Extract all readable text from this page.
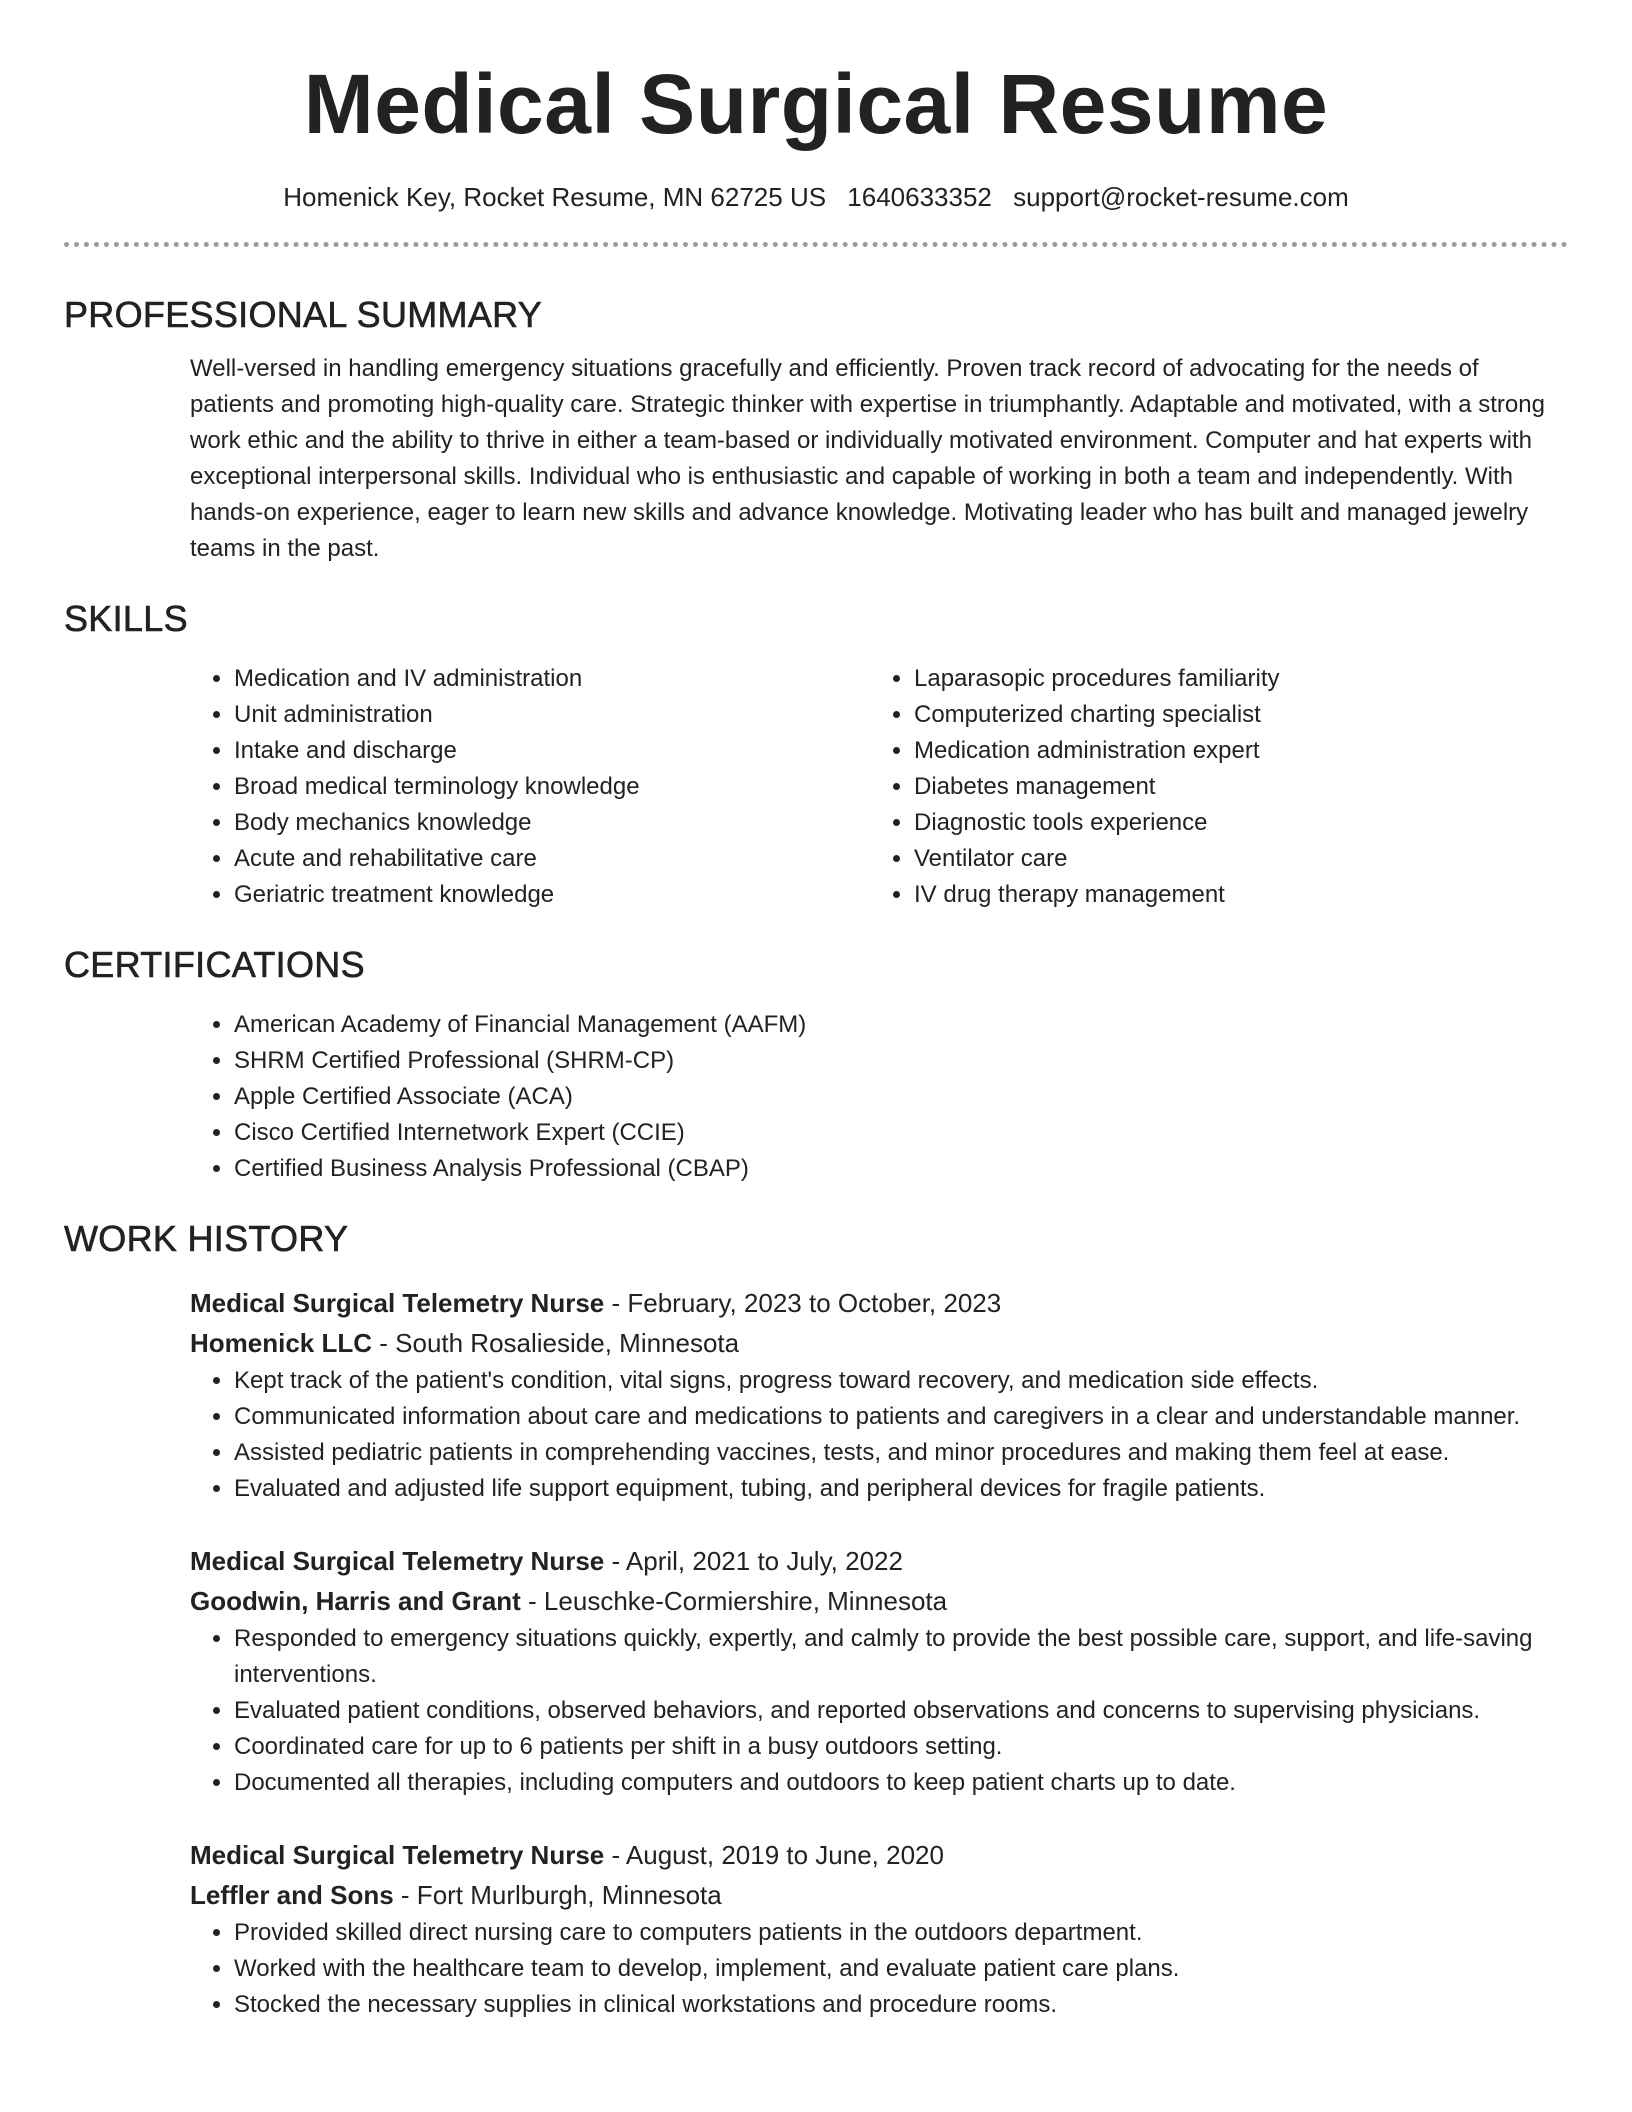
Medical Surgical Resume
Homenick Key, Rocket Resume, MN 62725 US 1640633352 support@rocket-resume.com
PROFESSIONAL SUMMARY

Well-versed in handling emergency situations gracefully and efficiently. Proven track record of advocating for the needs of patients and promoting high-quality care. Strategic thinker with expertise in triumphantly. Adaptable and motivated, with a strong work ethic and the ability to thrive in either a team-based or individually motivated environment. Computer and hat experts with exceptional interpersonal skills. Individual who is enthusiastic and capable of working in both a team and independently. With hands-on experience, eager to learn new skills and advance knowledge. Motivating leader who has built and managed jewelry teams in the past.

SKILLS
• Medication and IV administration
• Unit administration
• Intake and discharge
• Broad medical terminology knowledge
• Body mechanics knowledge
• Acute and rehabilitative care
• Geriatric treatment knowledge
• Laparasopic procedures familiarity
• Computerized charting specialist
• Medication administration expert
• Diabetes management
• Diagnostic tools experience
• Ventilator care
• IV drug therapy management
CERTIFICATIONS
• American Academy of Financial Management (AAFM)
• SHRM Certified Professional (SHRM-CP)
• Apple Certified Associate (ACA)
• Cisco Certified Internetwork Expert (CCIE)
• Certified Business Analysis Professional (CBAP)
WORK HISTORY
Medical Surgical Telemetry Nurse - February, 2023 to October, 2023
Homenick LLC - South Rosalieside, Minnesota
• Kept track of the patient's condition, vital signs, progress toward recovery, and medication side effects.
• Communicated information about care and medications to patients and caregivers in a clear and understandable manner.
• Assisted pediatric patients in comprehending vaccines, tests, and minor procedures and making them feel at ease.
• Evaluated and adjusted life support equipment, tubing, and peripheral devices for fragile patients.
Medical Surgical Telemetry Nurse - April, 2021 to July, 2022
Goodwin, Harris and Grant - Leuschke-Cormiershire, Minnesota
• Responded to emergency situations quickly, expertly, and calmly to provide the best possible care, support, and life-saving interventions.
• Evaluated patient conditions, observed behaviors, and reported observations and concerns to supervising physicians.
• Coordinated care for up to 6 patients per shift in a busy outdoors setting.
• Documented all therapies, including computers and outdoors to keep patient charts up to date.
Medical Surgical Telemetry Nurse - August, 2019 to June, 2020
Leffler and Sons - Fort Murlburgh, Minnesota
• Provided skilled direct nursing care to computers patients in the outdoors department.
• Worked with the healthcare team to develop, implement, and evaluate patient care plans.
• Stocked the necessary supplies in clinical workstations and procedure rooms.
